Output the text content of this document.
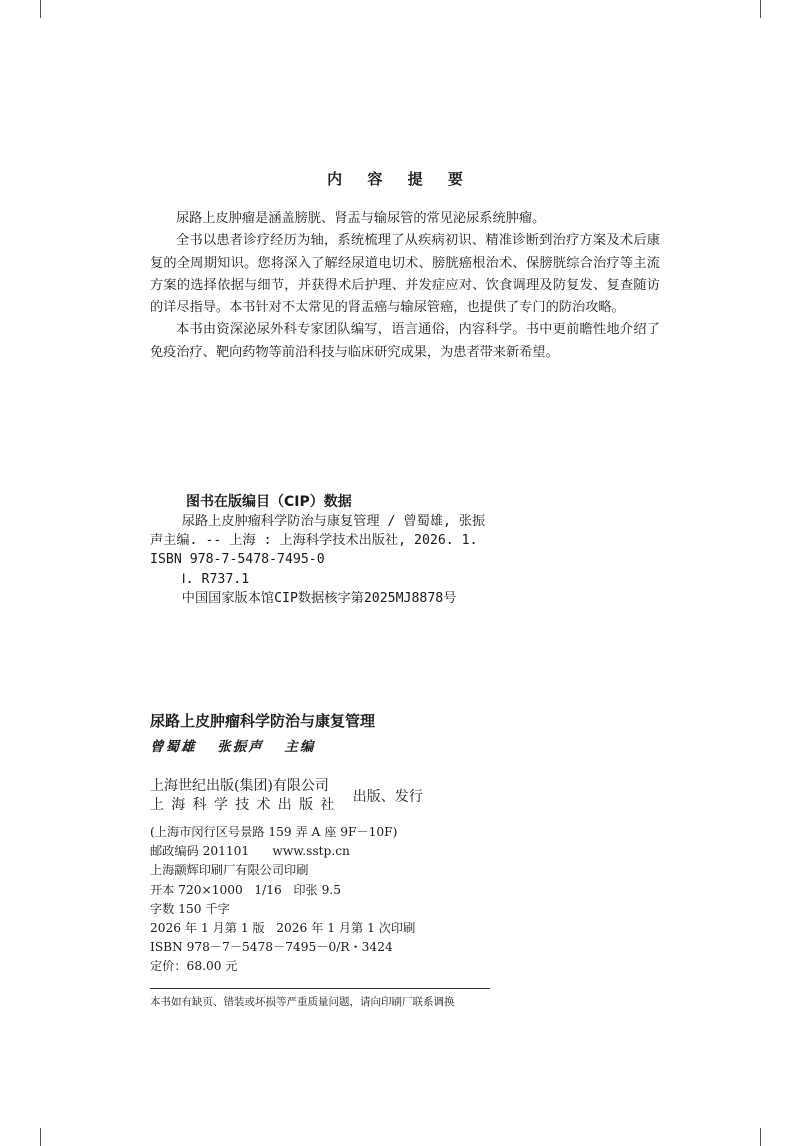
内 容 提 要

尿路上皮肿瘤是涵盖膀胱、肾盂与输尿管的常见泌尿系统肿瘤。

全书以患者诊疗经历为轴，系统梳理了从疾病初识、精准诊断到治疗方案及术后康复的全周期知识。您将深入了解经尿道电切术、膀胱癌根治术、保膀胱综合治疗等主流方案的选择依据与细节，并获得术后护理、并发症应对、饮食调理及防复发、复查随访的详尽指导。本书针对不太常见的肾盂癌与输尿管癌，也提供了专门的防治攻略。

本书由资深泌尿外科专家团队编写，语言通俗，内容科学。书中更前瞻性地介绍了免疫治疗、靶向药物等前沿科技与临床研究成果，为患者带来新希望。

图书在版编目（CIP）数据
尿路上皮肿瘤科学防治与康复管理 / 曾蜀雄, 张振
声主编. -- 上海 : 上海科学技术出版社, 2026. 1.
ISBN 978-7-5478-7495-0
Ⅰ. R737.1
中国国家版本馆CIP数据核字第2025MJ8878号
尿路上皮肿瘤科学防治与康复管理
曾蜀雄 张振声 主编
上海世纪出版(集团)有限公司
上海科学技术出版社 出版、发行
(上海市闵行区号景路 159 弄 A 座 9F－10F)
邮政编码 201101      www.sstp.cn
上海颛辉印刷厂有限公司印刷
开本 720×1000   1/16   印张 9.5
字数 150 千字
2026 年 1 月第 1 版   2026 年 1 月第 1 次印刷
ISBN 978－7－5478－7495－0/R・3424
定价：68.00 元

本书如有缺页、错装或坏损等严重质量问题，请向印刷厂联系调换
